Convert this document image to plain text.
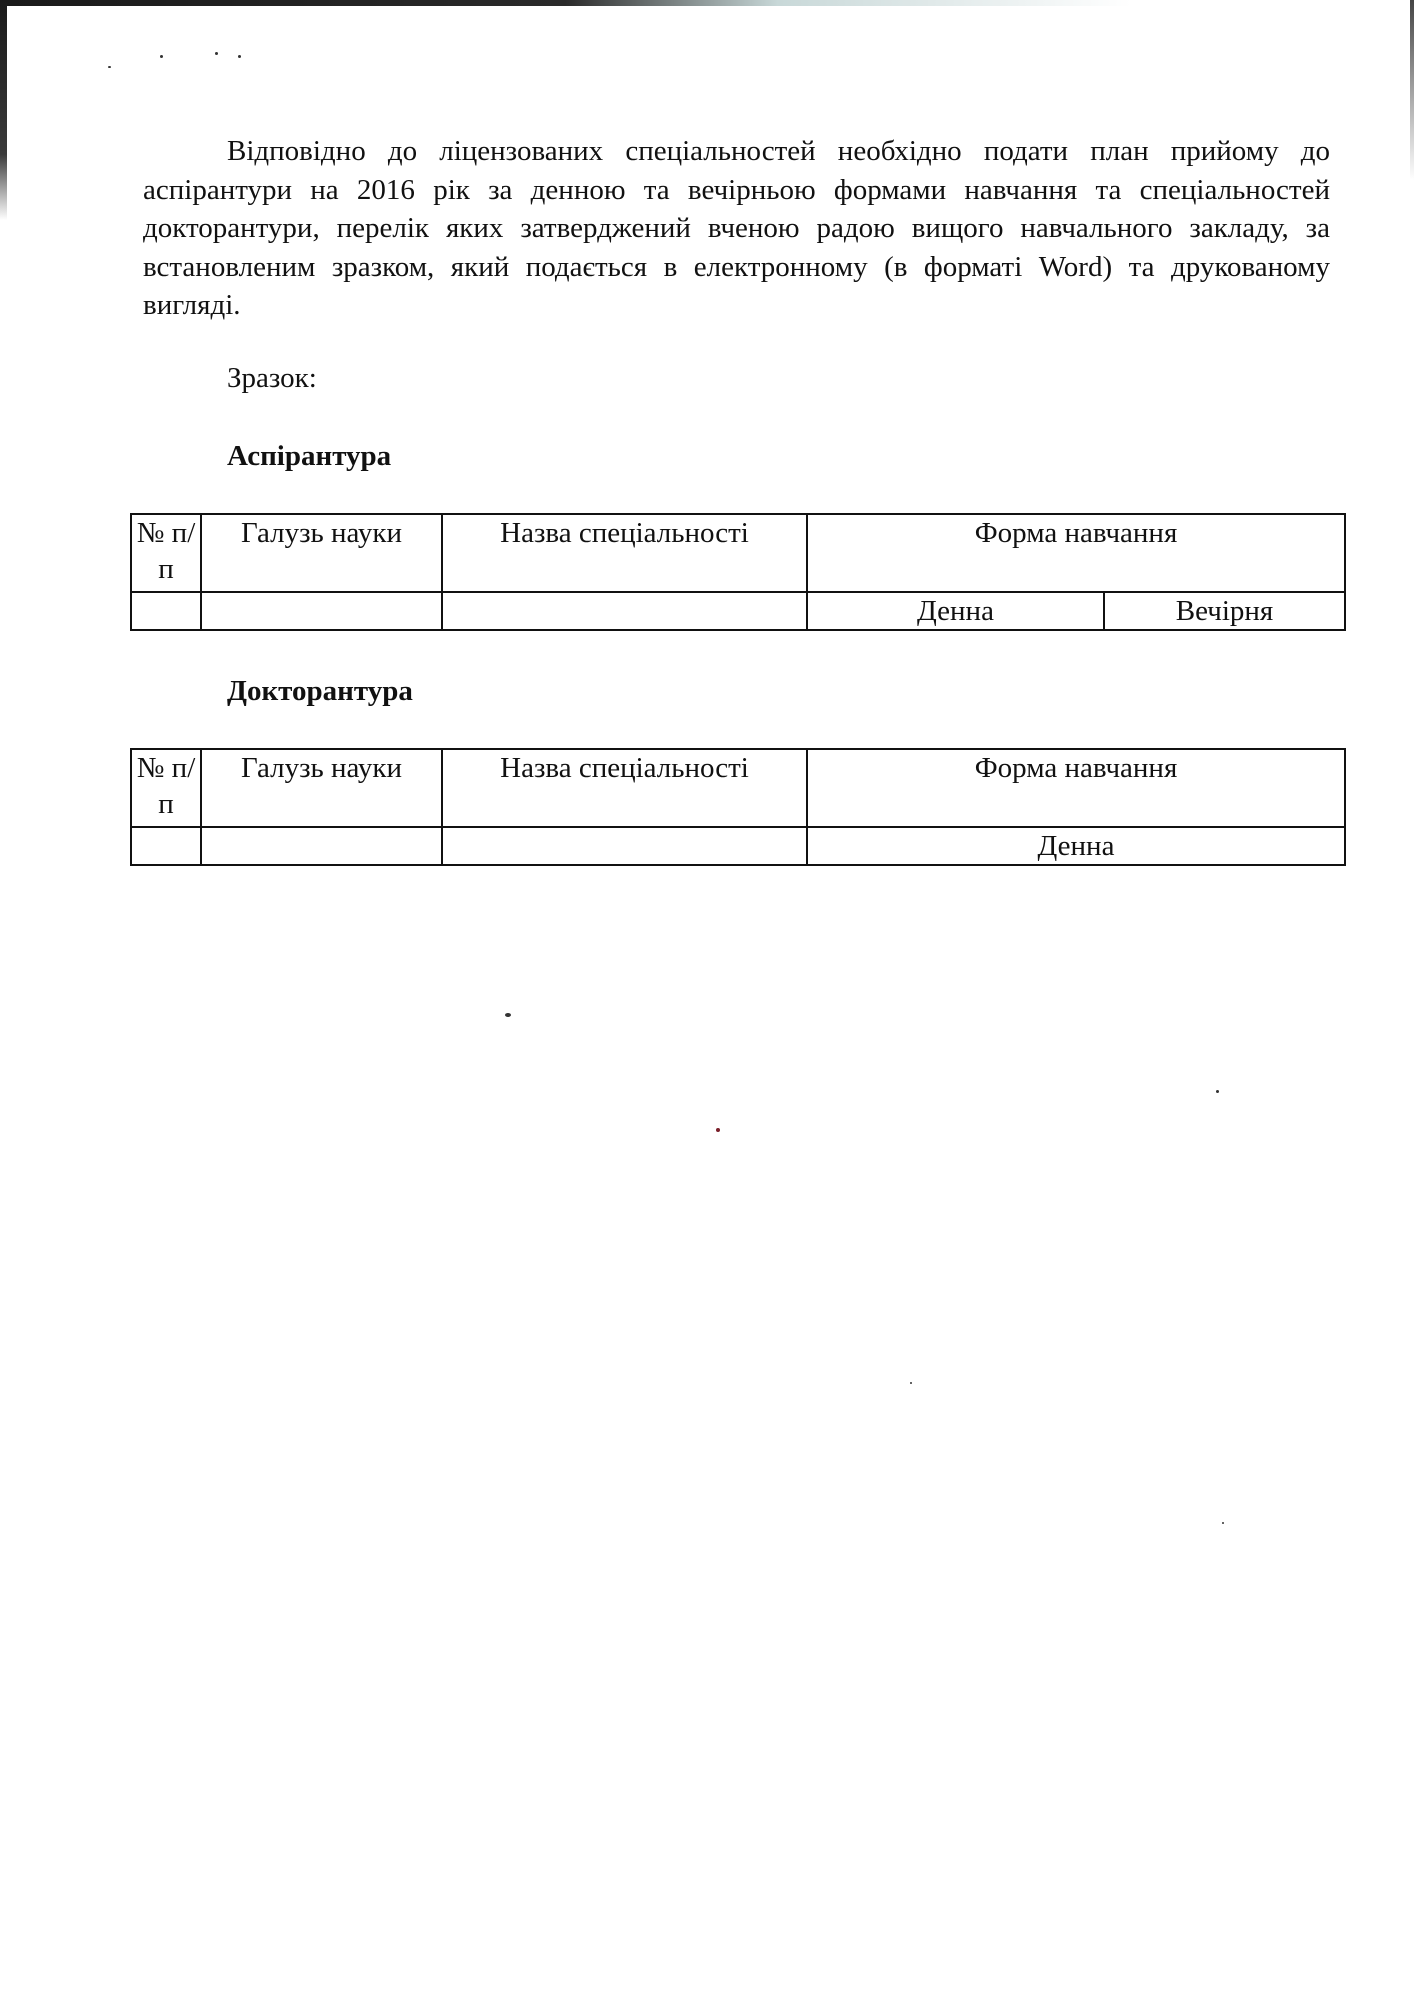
Відповідно до ліцензованих спеціальностей необхідно подати план прийому до аспірантури на 2016 рік за денною та вечірньою формами навчання та спеціальностей докторантури, перелік яких затверджений вченою радою вищого навчального закладу, за встановленим зразком, який подається в електронному (в форматі Word) та друкованому вигляді.

Зразок:

Аспірантура

№ п/п	Галузь науки	Назва спеціальності	Форма навчання	
			Денна	Вечірня

Докторантура

№ п/п	Галузь науки	Назва спеціальності	Форма навчання
			Денна
